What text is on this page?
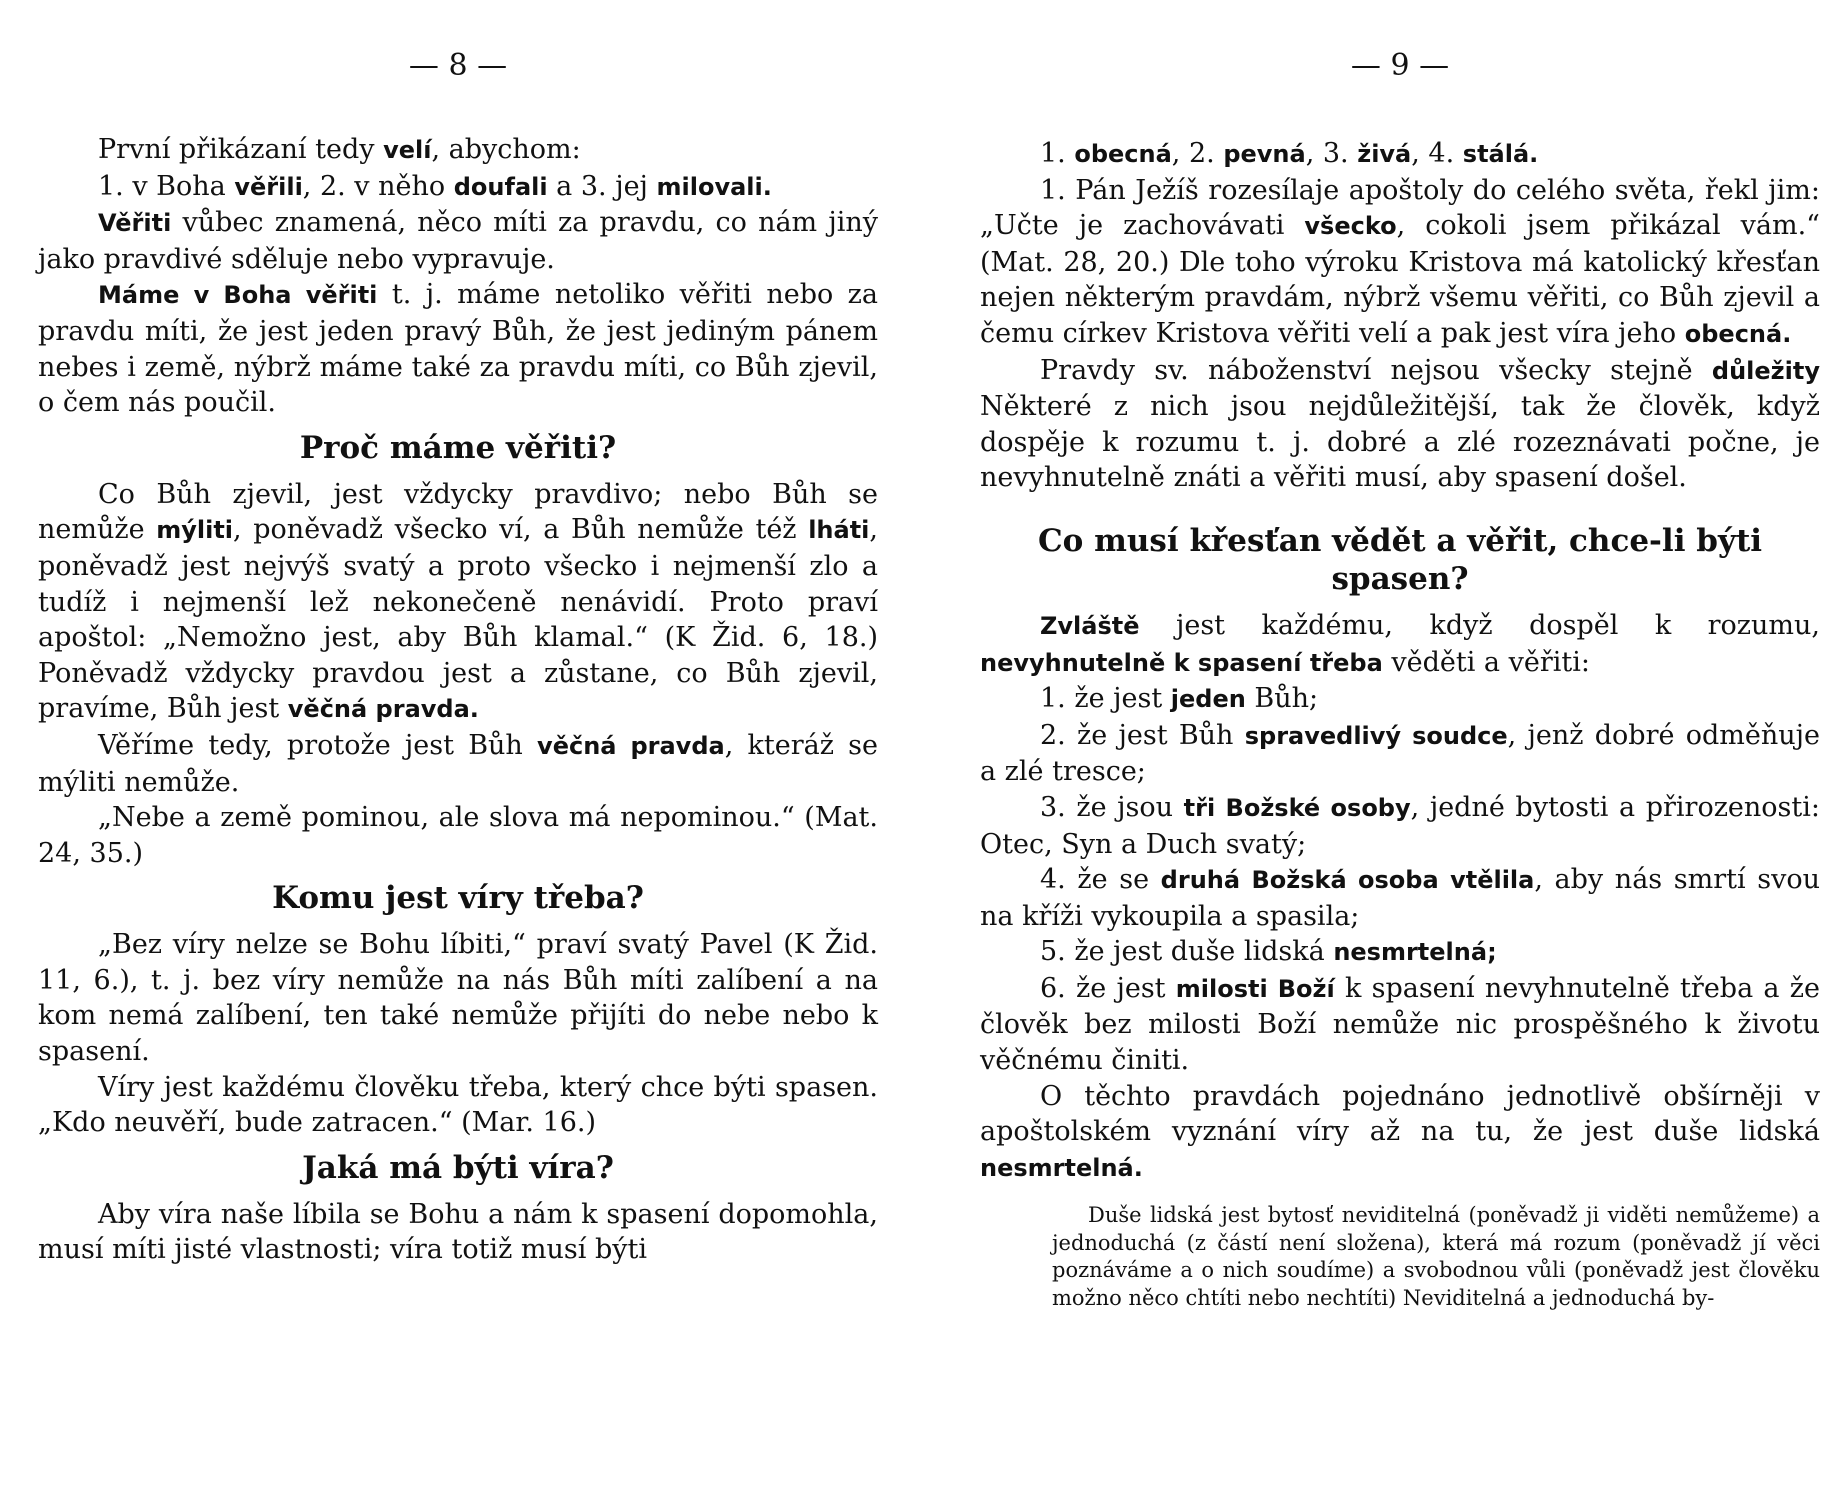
— 8 —

První přikázaní tedy velí, abychom:

1. v Boha věřili, 2. v něho doufali a 3. jej milovali.

Věřiti vůbec znamená, něco míti za pravdu, co nám jiný jako pravdivé sděluje nebo vypravuje.

Máme v Boha věřiti t. j. máme netoliko věřiti nebo za pravdu míti, že jest jeden pravý Bůh, že jest jediným pánem nebes i země, nýbrž máme také za pravdu míti, co Bůh zjevil, o čem nás poučil.

Proč máme věřiti?

Co Bůh zjevil, jest vždycky pravdivo; nebo Bůh se nemůže mýliti, poněvadž všecko ví, a Bůh nemůže též lháti, poněvadž jest nejvýš svatý a proto všecko i nejmenší zlo a tudíž i nejmenší lež nekonečeně nenávidí. Proto praví apoštol: „Nemožno jest, aby Bůh klamal.“ (K Žid. 6, 18.) Poněvadž vždycky pravdou jest a zůstane, co Bůh zjevil, pravíme, Bůh jest věčná pravda.

Věříme tedy, protože jest Bůh věčná pravda, kteráž se mýliti nemůže.

„Nebe a země pominou, ale slova má nepominou.“ (Mat. 24, 35.)

Komu jest víry třeba?

„Bez víry nelze se Bohu líbiti,“ praví svatý Pavel (K Žid. 11, 6.), t. j. bez víry nemůže na nás Bůh míti zalíbení a na kom nemá zalíbení, ten také nemůže přijíti do nebe nebo k spasení.

Víry jest každému člověku třeba, který chce býti spasen. „Kdo neuvěří, bude zatracen.“ (Mar. 16.)

Jaká má býti víra?

Aby víra naše líbila se Bohu a nám k spasení dopomohla, musí míti jisté vlastnosti; víra totiž musí býti

— 9 —

1. obecná, 2. pevná, 3. živá, 4. stálá.

1. Pán Ježíš rozesílaje apoštoly do celého světa, řekl jim: „Učte je zachovávati všecko, cokoli jsem přikázal vám.“ (Mat. 28, 20.) Dle toho výroku Kristova má katolický křesťan nejen některým pravdám, nýbrž všemu věřiti, co Bůh zjevil a čemu církev Kristova věřiti velí a pak jest víra jeho obecná.

Pravdy sv. náboženství nejsou všecky stejně důležity Některé z nich jsou nejdůležitější, tak že člověk, když dospěje k rozumu t. j. dobré a zlé rozeznávati počne, je nevyhnutelně znáti a věřiti musí, aby spasení došel.

Co musí křesťan vědět a věřit, chce-li býti spasen?

Zvláště jest každému, když dospěl k rozumu, nevyhnutelně k spasení třeba věděti a věřiti:

1. že jest jeden Bůh;

2. že jest Bůh spravedlivý soudce, jenž dobré odměňuje a zlé tresce;

3. že jsou tři Božské osoby, jedné bytosti a přirozenosti: Otec, Syn a Duch svatý;

4. že se druhá Božská osoba vtělila, aby nás smrtí svou na kříži vykoupila a spasila;

5. že jest duše lidská nesmrtelná;

6. že jest milosti Boží k spasení nevyhnutelně třeba a že člověk bez milosti Boží nemůže nic prospěšného k životu věčnému činiti.

O těchto pravdách pojednáno jednotlivě obšírněji v apoštolském vyznání víry až na tu, že jest duše lidská nesmrtelná.

Duše lidská jest bytosť neviditelná (poněvadž ji viděti nemůžeme) a jednoduchá (z částí není složena), která má rozum (poněvadž jí věci poznáváme a o nich soudíme) a svobodnou vůli (poněvadž jest člověku možno něco chtíti nebo nechtíti) Neviditelná a jednoduchá by-
